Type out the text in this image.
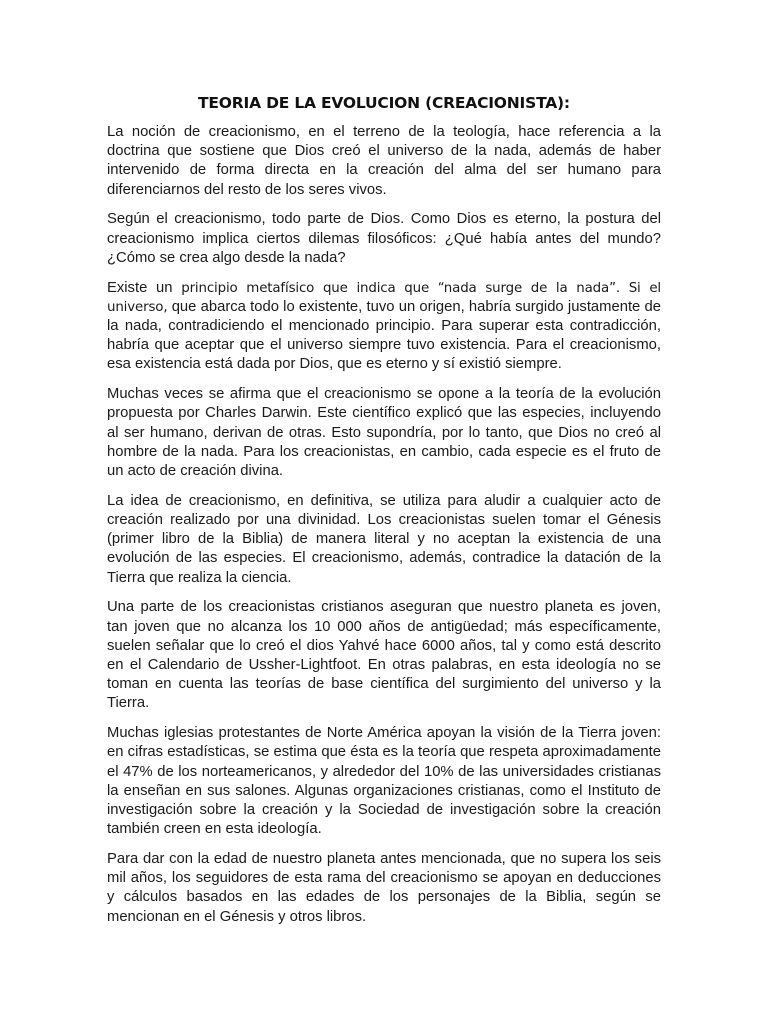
TEORIA DE LA EVOLUCION (CREACIONISTA):

La noción de creacionismo, en el terreno de la teología, hace referencia a la doctrina que sostiene que Dios creó el universo de la nada, además de haber intervenido de forma directa en la creación del alma del ser humano para diferenciarnos del resto de los seres vivos.

Según el creacionismo, todo parte de Dios. Como Dios es eterno, la postura del creacionismo implica ciertos dilemas filosóficos: ¿Qué había antes del mundo? ¿Cómo se crea algo desde la nada?

Existe un principio metafísico que indica que “nada surge de la nada”. Si el universo, que abarca todo lo existente, tuvo un origen, habría surgido justamente de la nada, contradiciendo el mencionado principio. Para superar esta contradicción, habría que aceptar que el universo siempre tuvo existencia. Para el creacionismo, esa existencia está dada por Dios, que es eterno y sí existió siempre.

Muchas veces se afirma que el creacionismo se opone a la teoría de la evolución propuesta por Charles Darwin. Este científico explicó que las especies, incluyendo al ser humano, derivan de otras. Esto supondría, por lo tanto, que Dios no creó al hombre de la nada. Para los creacionistas, en cambio, cada especie es el fruto de un acto de creación divina.

La idea de creacionismo, en definitiva, se utiliza para aludir a cualquier acto de creación realizado por una divinidad. Los creacionistas suelen tomar el Génesis (primer libro de la Biblia) de manera literal y no aceptan la existencia de una evolución de las especies. El creacionismo, además, contradice la datación de la Tierra que realiza la ciencia.

Una parte de los creacionistas cristianos aseguran que nuestro planeta es joven, tan joven que no alcanza los 10 000 años de antigüedad; más específicamente, suelen señalar que lo creó el dios Yahvé hace 6000 años, tal y como está descrito en el Calendario de Ussher-Lightfoot. En otras palabras, en esta ideología no se toman en cuenta las teorías de base científica del surgimiento del universo y la Tierra.

Muchas iglesias protestantes de Norte América apoyan la visión de la Tierra joven: en cifras estadísticas, se estima que ésta es la teoría que respeta aproximadamente el 47% de los norteamericanos, y alrededor del 10% de las universidades cristianas la enseñan en sus salones. Algunas organizaciones cristianas, como el Instituto de investigación sobre la creación y la Sociedad de investigación sobre la creación también creen en esta ideología.

Para dar con la edad de nuestro planeta antes mencionada, que no supera los seis mil años, los seguidores de esta rama del creacionismo se apoyan en deducciones y cálculos basados en las edades de los personajes de la Biblia, según se mencionan en el Génesis y otros libros.
